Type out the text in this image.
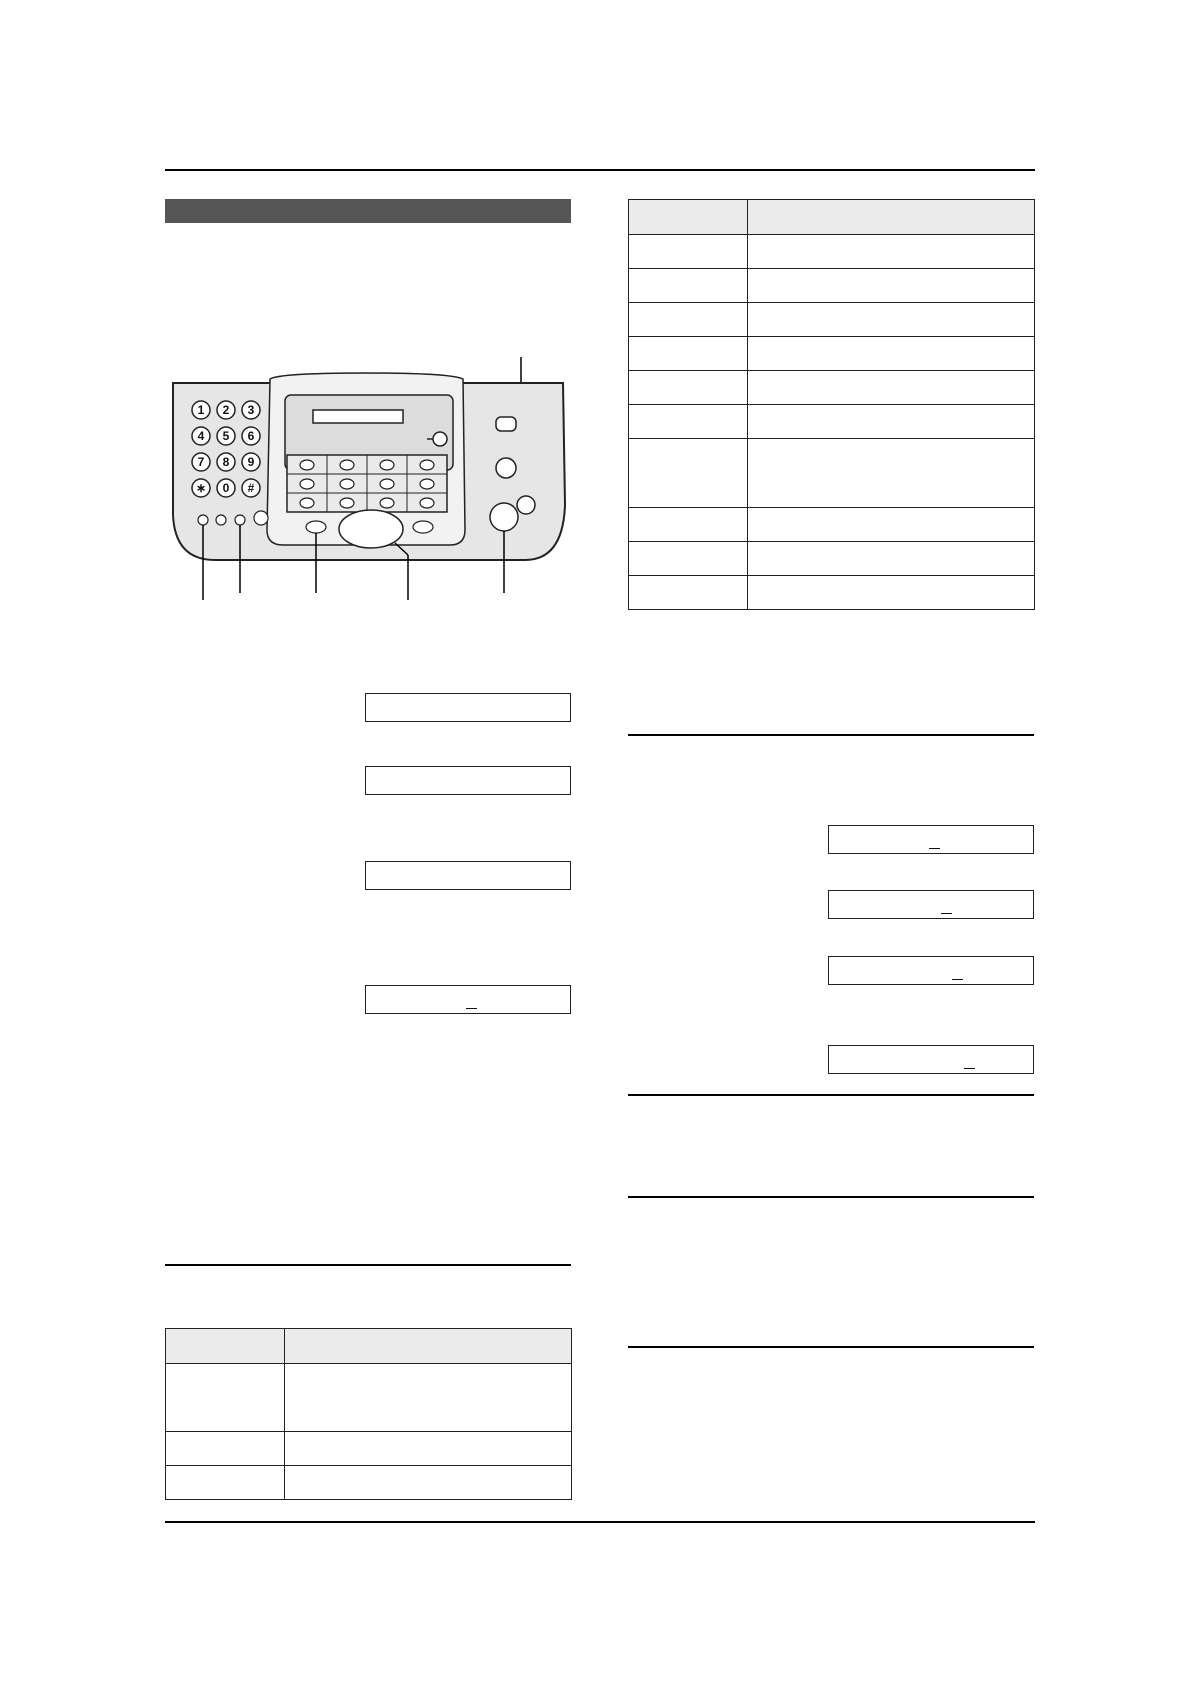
1 2 3
4 5 6
7 8 9
∗ 0 #
